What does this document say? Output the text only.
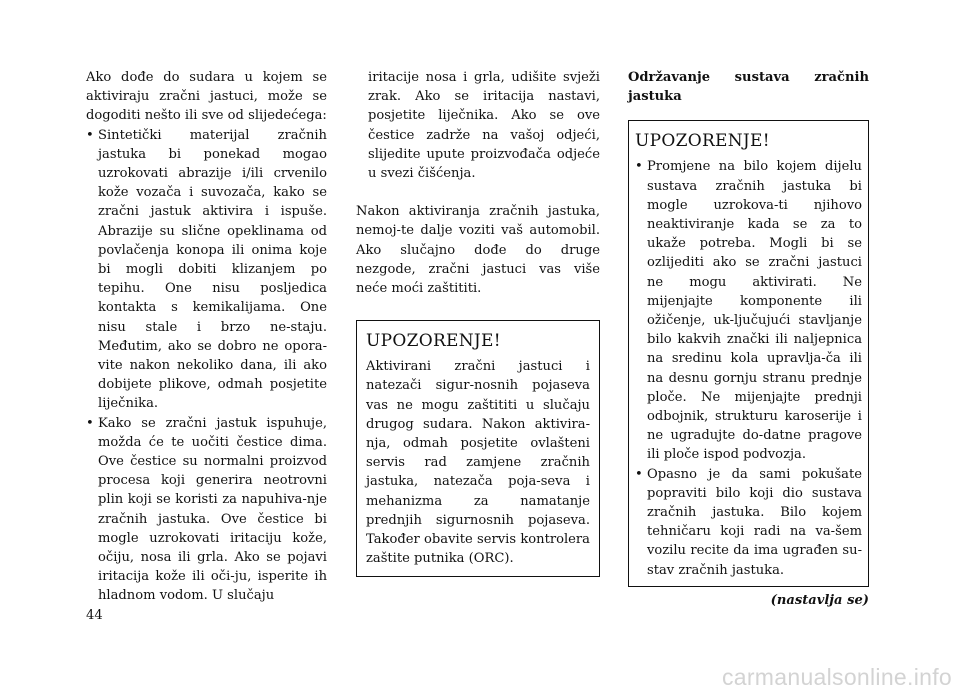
Ako dođe do sudara u kojem se aktiviraju zračni jastuci, može se dogoditi nešto ili sve od slijedećega:

• Sintetički materijal zračnih jastuka bi ponekad mogao uzrokovati abrazije i/ili crvenilo kože vozača i suvozača, kako se zračni jastuk aktivira i ispuše. Abrazije su slične opeklinama od povlačenja konopa ili onima koje bi mogli dobiti klizanjem po tepihu. One nisu posljedica kontakta s kemikalijama. One nisu stale i brzo ne-staju. Međutim, ako se dobro ne opora-vite nakon nekoliko dana, ili ako dobijete plikove, odmah posjetite liječnika.
• Kako se zračni jastuk ispuhuje, možda će te uočiti čestice dima. Ove čestice su normalni proizvod procesa koji generira neotrovni plin koji se koristi za napuhiva-nje zračnih jastuka. Ove čestice bi mogle uzrokovati iritaciju kože, očiju, nosa ili grla. Ako se pojavi iritacija kože ili oči-ju, isperite ih hladnom vodom. U slučaju

iritacije nosa i grla, udišite svježi zrak. Ako se iritacija nastavi, posjetite liječnika. Ako se ove čestice zadrže na vašoj odjeći, slijedite upute proizvođača odjeće u svezi čišćenja.

Nakon aktiviranja zračnih jastuka, nemoj-te dalje voziti vaš automobil. Ako slučajno dođe do druge nezgode, zračni jastuci vas više neće moći zaštititi.

UPOZORENJE!

Aktivirani zračni jastuci i natezači sigur-nosnih pojaseva vas ne mogu zaštititi u slučaju drugog sudara. Nakon aktivira-nja, odmah posjetite ovlašteni servis rad zamjene zračnih jastuka, natezača poja-seva i mehanizma za namatanje prednjih sigurnosnih pojaseva. Također obavite servis kontrolera zaštite putnika (ORC).

Održavanje sustava zračnih jastuka
UPOZORENJE!
• Promjene na bilo kojem dijelu sustava zračnih jastuka bi mogle uzrokova-ti njihovo neaktiviranje kada se za to ukaže potreba. Mogli bi se ozlijediti ako se zračni jastuci ne mogu aktivirati. Ne mijenjajte komponente ili ožičenje, uk-ljučujući stavljanje bilo kakvih znački ili naljepnica na sredinu kola upravlja-ča ili na desnu gornju stranu prednje ploče. Ne mijenjajte prednji odbojnik, strukturu karoserije i ne ugradujte do-datne pragove ili ploče ispod podvozja.
• Opasno je da sami pokušate popraviti bilo koji dio sustava zračnih jastuka. Bilo kojem tehničaru koji radi na va-šem vozilu recite da ima ugrađen su-stav zračnih jastuka.
(nastavlja se)
44
carmanualsonline.info
